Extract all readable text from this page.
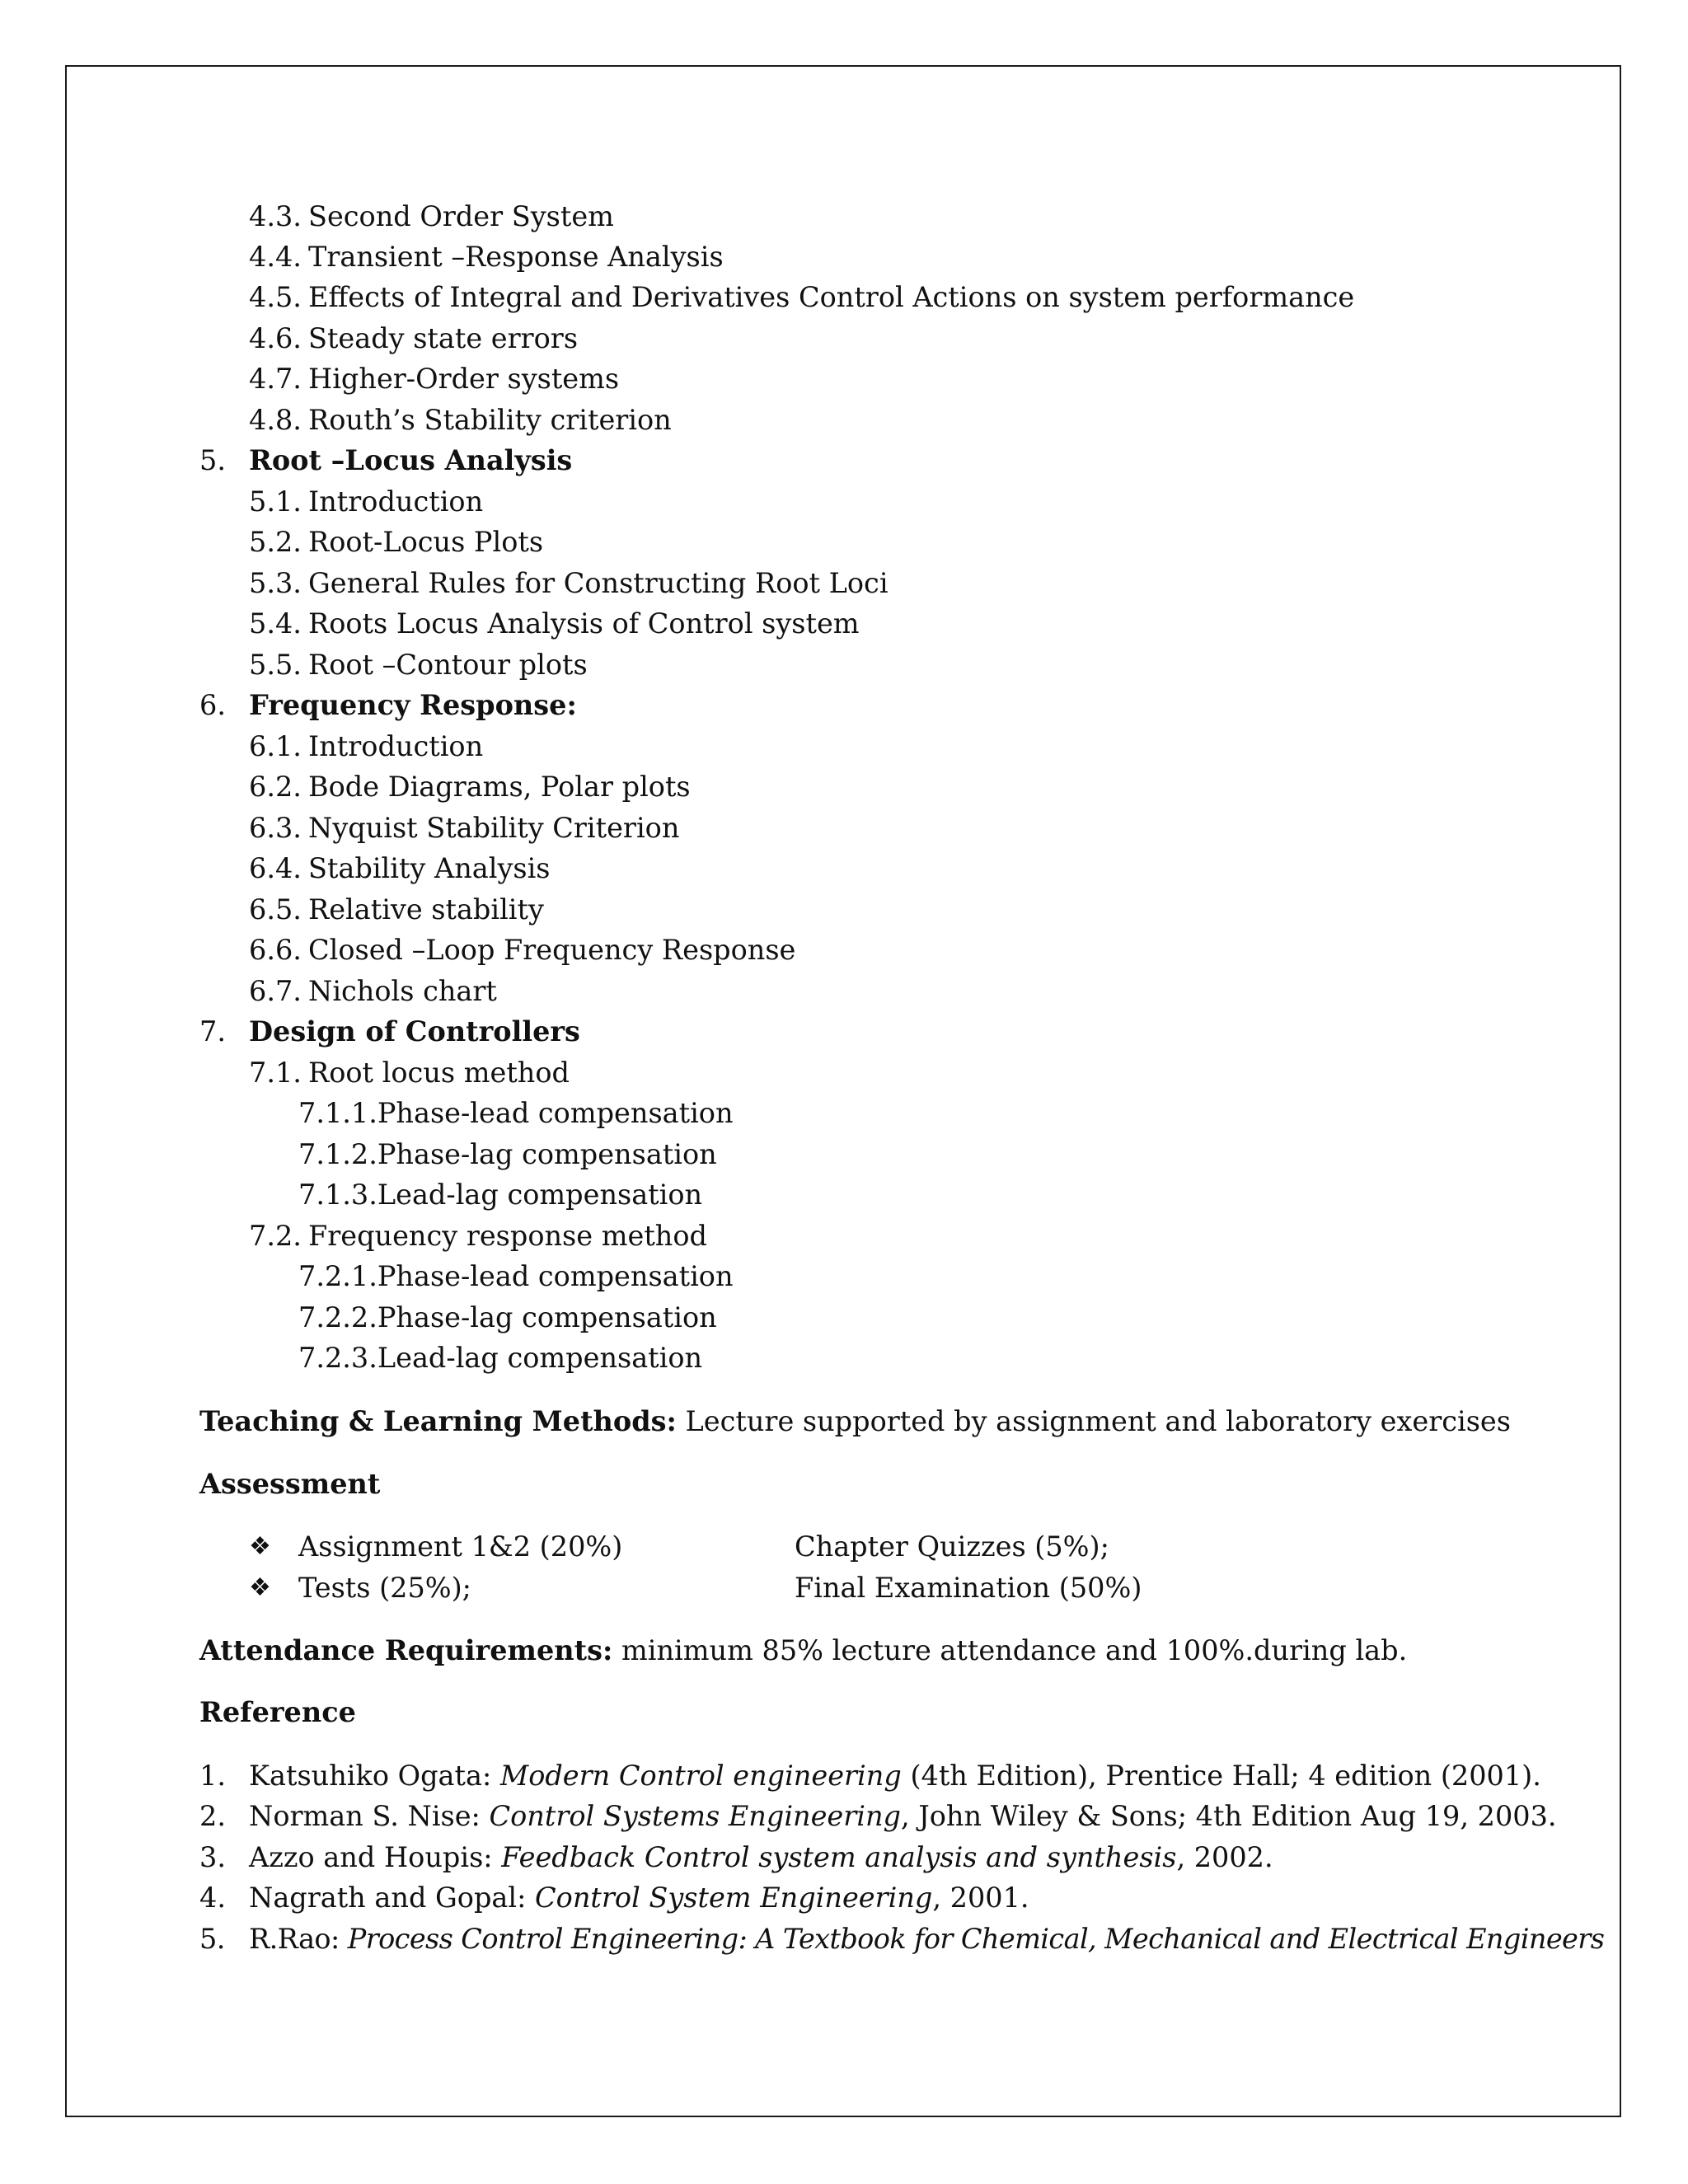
4.3. Second Order System
4.4. Transient –Response Analysis
4.5. Effects of Integral and Derivatives Control Actions on system performance
4.6. Steady state errors
4.7. Higher-Order systems
4.8. Routh’s Stability criterion
5. Root –Locus Analysis
5.1. Introduction
5.2. Root-Locus Plots
5.3. General Rules for Constructing Root Loci
5.4. Roots Locus Analysis of Control system
5.5. Root –Contour plots
6. Frequency Response:
6.1. Introduction
6.2. Bode Diagrams, Polar plots
6.3. Nyquist Stability Criterion
6.4. Stability Analysis
6.5. Relative stability
6.6. Closed –Loop Frequency Response
6.7. Nichols chart
7. Design of Controllers
7.1. Root locus method
7.1.1.Phase-lead compensation
7.1.2.Phase-lag compensation
7.1.3.Lead-lag compensation
7.2. Frequency response method
7.2.1.Phase-lead compensation
7.2.2.Phase-lag compensation
7.2.3.Lead-lag compensation
Teaching & Learning Methods: Lecture supported by assignment and laboratory exercises
Assessment
❖ Assignment 1&2 (20%)	Chapter Quizzes (5%);
❖ Tests (25%);	Final Examination (50%)
Attendance Requirements: minimum 85% lecture attendance and 100%.during lab.
Reference
1. Katsuhiko Ogata: Modern Control engineering (4th Edition), Prentice Hall; 4 edition (2001).
2. Norman S. Nise: Control Systems Engineering, John Wiley & Sons; 4th Edition Aug 19, 2003.
3. Azzo and Houpis: Feedback Control system analysis and synthesis, 2002.
4. Nagrath and Gopal: Control System Engineering, 2001.
5. R.Rao: Process Control Engineering: A Textbook for Chemical, Mechanical and Electrical Engineers
